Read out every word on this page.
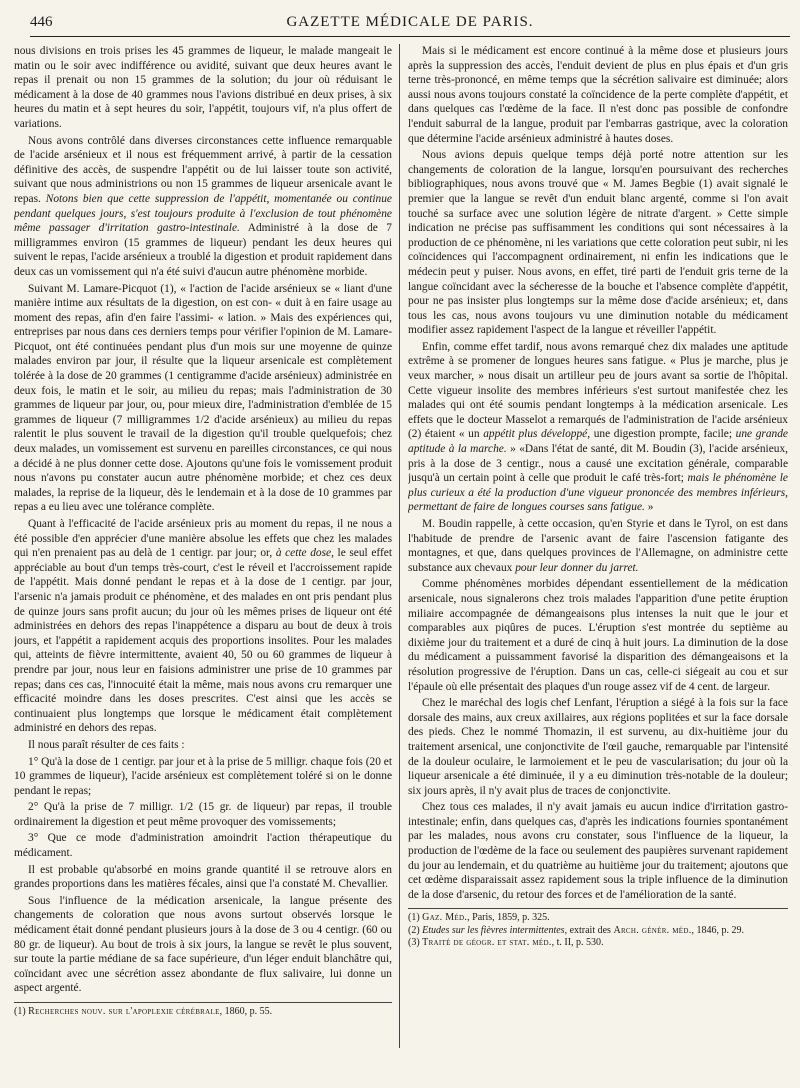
446	GAZETTE MÉDICALE DE PARIS.

nous divisions en trois prises les 45 grammes de liqueur, le malade mangeait le matin ou le soir avec indifférence ou avidité, suivant que deux heures avant le repas il prenait ou non 15 grammes de la solution; du jour où réduisant le médicament à la dose de 40 grammes nous l'avions distribué en deux prises, à six heures du matin et à sept heures du soir, l'appétit, toujours vif, n'a plus offert de variations.

Nous avons contrôlé dans diverses circonstances cette influence remarquable de l'acide arsénieux et il nous est fréquemment arrivé, à partir de la cessation définitive des accès, de suspendre l'appétit ou de lui laisser toute son activité, suivant que nous administrions ou non 15 grammes de liqueur arsenicale avant le repas. Notons bien que cette suppression de l'appétit, momentanée ou continue pendant quelques jours, s'est toujours produite à l'exclusion de tout phénomène même passager d'irritation gastro-intestinale. Administré à la dose de 7 milligrammes environ (15 grammes de liqueur) pendant les deux heures qui suivent le repas, l'acide arsénieux a troublé la digestion et produit rapidement dans deux cas un vomissement qui n'a été suivi d'aucun autre phénomène morbide.

Suivant M. Lamare-Picquot (1), « l'action de l'acide arsénieux se « liant d'une manière intime aux résultats de la digestion, on est con- « duit à en faire usage au moment des repas, afin d'en faire l'assimi- « lation. » Mais des expériences qui, entreprises par nous dans ces derniers temps pour vérifier l'opinion de M. Lamare-Picquot, ont été continuées pendant plus d'un mois sur une moyenne de quinze malades environ par jour, il résulte que la liqueur arsenicale est complètement tolérée à la dose de 20 grammes (1 centigramme d'acide arsénieux) administrée en deux fois, le matin et le soir, au milieu du repas; mais l'administration de 30 grammes de liqueur par jour, ou, pour mieux dire, l'administration d'emblée de 15 grammes de liqueur (7 milligrammes 1/2 d'acide arsénieux) au milieu du repas ralentit le plus souvent le travail de la digestion qu'il trouble quelquefois; chez deux malades, un vomissement est survenu en pareilles circonstances, ce qui nous a décidé à ne plus donner cette dose. Ajoutons qu'une fois le vomissement produit nous n'avons pu constater aucun autre phénomène morbide; et chez ces deux malades, la reprise de la liqueur, dès le lendemain et à la dose de 10 grammes par repas a eu lieu avec une tolérance complète.

Quant à l'efficacité de l'acide arsénieux pris au moment du repas, il ne nous a été possible d'en apprécier d'une manière absolue les effets que chez les malades qui n'en prenaient pas au delà de 1 centigr. par jour; or, à cette dose, le seul effet appréciable au bout d'un temps très-court, c'est le réveil et l'accroissement rapide de l'appétit. Mais donné pendant le repas et à la dose de 1 centigr. par jour, l'arsenic n'a jamais produit ce phénomène, et des malades en ont pris pendant plus de quinze jours sans profit aucun; du jour où les mêmes prises de liqueur ont été administrées en dehors des repas l'inappétence a disparu au bout de deux à trois jours, et l'appétit a rapidement acquis des proportions insolites. Pour les malades qui, atteints de fièvre intermittente, avaient 40, 50 ou 60 grammes de liqueur à prendre par jour, nous leur en faisions administrer une prise de 10 grammes par repas; dans ces cas, l'innocuité était la même, mais nous avons cru remarquer une efficacité moindre dans les doses prescrites. C'est ainsi que les accès se continuaient plus longtemps que lorsque le médicament était complètement administré en dehors des repas.

Il nous paraît résulter de ces faits :

1° Qu'à la dose de 1 centigr. par jour et à la prise de 5 milligr. chaque fois (20 et 10 grammes de liqueur), l'acide arsénieux est complètement toléré si on le donne pendant le repas;

2° Qu'à la prise de 7 milligr. 1/2 (15 gr. de liqueur) par repas, il trouble ordinairement la digestion et peut même provoquer des vomissements;

3° Que ce mode d'administration amoindrit l'action thérapeutique du médicament.

Il est probable qu'absorbé en moins grande quantité il se retrouve alors en grandes proportions dans les matières fécales, ainsi que l'a constaté M. Chevallier.

Sous l'influence de la médication arsenicale, la langue présente des changements de coloration que nous avons surtout observés lorsque le médicament était donné pendant plusieurs jours à la dose de 3 ou 4 centigr. (60 ou 80 gr. de liqueur). Au bout de trois à six jours, la langue se revêt le plus souvent, sur toute la partie médiane de sa face supérieure, d'un léger enduit blanchâtre qui, coïncidant avec une sécrétion assez abondante de flux salivaire, lui donne un aspect argenté.

(1) Recherches nouv. sur l'apoplexie cérébrale, 1860, p. 55.

Mais si le médicament est encore continué à la même dose et plusieurs jours après la suppression des accès, l'enduit devient de plus en plus épais et d'un gris terne très-prononcé, en même temps que la sécrétion salivaire est diminuée; alors aussi nous avons toujours constaté la coïncidence de la perte complète d'appétit, et dans quelques cas l'œdème de la face. Il n'est donc pas possible de confondre l'enduit saburral de la langue, produit par l'embarras gastrique, avec la coloration que détermine l'acide arsénieux administré à hautes doses.

Nous avions depuis quelque temps déjà porté notre attention sur les changements de coloration de la langue, lorsqu'en poursuivant des recherches bibliographiques, nous avons trouvé que « M. James Begbie (1) avait signalé le premier que la langue se revêt d'un enduit blanc argenté, comme si l'on avait touché sa surface avec une solution légère de nitrate d'argent. » Cette simple indication ne précise pas suffisamment les conditions qui sont nécessaires à la production de ce phénomène, ni les variations que cette coloration peut subir, ni les coïncidences qui l'accompagnent ordinairement, ni enfin les indications que le médecin peut y puiser. Nous avons, en effet, tiré parti de l'enduit gris terne de la langue coïncidant avec la sécheresse de la bouche et l'absence complète d'appétit, pour ne pas insister plus longtemps sur la même dose d'acide arsénieux; et, dans tous les cas, nous avons toujours vu une diminution notable du médicament modifier assez rapidement l'aspect de la langue et réveiller l'appétit.

Enfin, comme effet tardif, nous avons remarqué chez dix malades une aptitude extrême à se promener de longues heures sans fatigue. « Plus je marche, plus je veux marcher, » nous disait un artilleur peu de jours avant sa sortie de l'hôpital. Cette vigueur insolite des membres inférieurs s'est surtout manifestée chez les malades qui ont été soumis pendant longtemps à la médication arsenicale. Les effets que le docteur Masselot a remarqués de l'administration de l'acide arsénieux (2) étaient « un appétit plus développé, une digestion prompte, facile; une grande aptitude à la marche. » «Dans l'état de santé, dit M. Boudin (3), l'acide arsénieux, pris à la dose de 3 centigr., nous a causé une excitation générale, comparable jusqu'à un certain point à celle que produit le café très-fort; mais le phénomène le plus curieux a été la production d'une vigueur prononcée des membres inférieurs, permettant de faire de longues courses sans fatigue. »

M. Boudin rappelle, à cette occasion, qu'en Styrie et dans le Tyrol, on est dans l'habitude de prendre de l'arsenic avant de faire l'ascension fatigante des montagnes, et que, dans quelques provinces de l'Allemagne, on administre cette substance aux chevaux pour leur donner du jarret.

Comme phénomènes morbides dépendant essentiellement de la médication arsenicale, nous signalerons chez trois malades l'apparition d'une petite éruption miliaire accompagnée de démangeaisons plus intenses la nuit que le jour et comparables aux piqûres de puces. L'éruption s'est montrée du septième au dixième jour du traitement et a duré de cinq à huit jours. La diminution de la dose du médicament a puissamment favorisé la disparition des démangeaisons et la résolution progressive de l'éruption. Dans un cas, celle-ci siégeait au cou et sur l'épaule où elle présentait des plaques d'un rouge assez vif de 4 cent. de largeur.

Chez le maréchal des logis chef Lenfant, l'éruption a siégé à la fois sur la face dorsale des mains, aux creux axillaires, aux régions poplitées et sur la face dorsale des pieds. Chez le nommé Thomazin, il est survenu, au dix-huitième jour du traitement arsenical, une conjonctivite de l'œil gauche, remarquable par l'intensité de la douleur oculaire, le larmoiement et le peu de vascularisation; du jour où la liqueur arsenicale a été diminuée, il y a eu diminution très-notable de la douleur; six jours après, il n'y avait plus de traces de conjonctivite.

Chez tous ces malades, il n'y avait jamais eu aucun indice d'irritation gastro-intestinale; enfin, dans quelques cas, d'après les indications fournies spontanément par les malades, nous avons cru constater, sous l'influence de la liqueur, la production de l'œdème de la face ou seulement des paupières survenant rapidement du jour au lendemain, et du quatrième au huitième jour du traitement; ajoutons que cet œdème disparaissait assez rapidement sous la triple influence de la diminution de la dose d'arsenic, du retour des forces et de l'amélioration de la santé.

(1) Gaz. Méd., Paris, 1859, p. 325.

(2) Etudes sur les fièvres intermittentes, extrait des Arch. génér. méd., 1846, p. 29.

(3) Traité de géogr. et stat. méd., t. II, p. 530.
